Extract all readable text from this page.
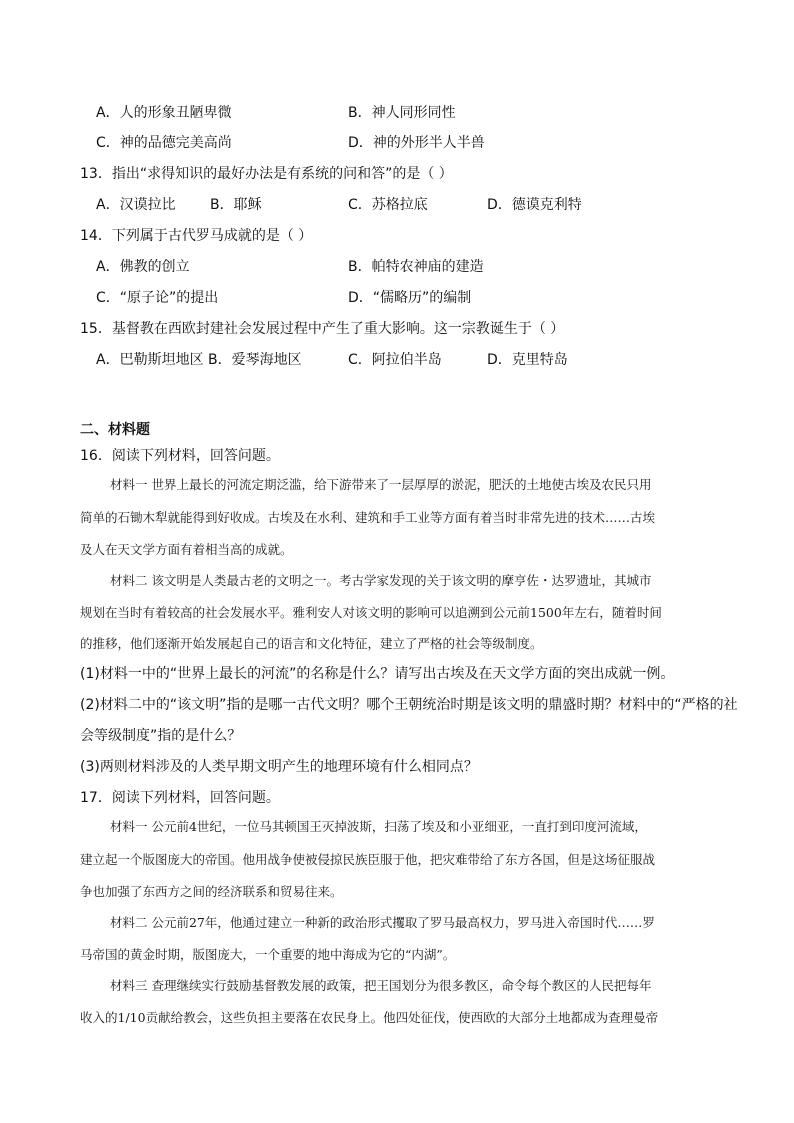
A．人的形象丑陋卑微	B．神人同形同性
C．神的品德完美高尚	D．神的外形半人半兽
13．指出“求得知识的最好办法是有系统的问和答”的是（ ）
A．汉谟拉比 B．耶稣	C．苏格拉底	D．德谟克利特
14．下列属于古代罗马成就的是（ ）
A．佛教的创立	B．帕特农神庙的建造
C．“原子论”的提出	D．“儒略历”的编制
15．基督教在西欧封建社会发展过程中产生了重大影响。这一宗教诞生于（ ）
A．巴勒斯坦地区 B．爱琴海地区	C．阿拉伯半岛	D．克里特岛
二、材料题
16．阅读下列材料，回答问题。
材料一 世界上最长的河流定期泛滥，给下游带来了一层厚厚的淤泥，肥沃的土地使古埃及农民只用
简单的石锄木犁就能得到好收成。古埃及在水利、建筑和手工业等方面有着当时非常先进的技术……古埃
及人在天文学方面有着相当高的成就。
材料二 该文明是人类最古老的文明之一。考古学家发现的关于该文明的摩亨佐・达罗遗址，其城市
规划在当时有着较高的社会发展水平。雅利安人对该文明的影响可以追溯到公元前1500年左右，随着时间
的推移，他们逐渐开始发展起自己的语言和文化特征，建立了严格的社会等级制度。
(1)材料一中的“世界上最长的河流”的名称是什么？请写出古埃及在天文学方面的突出成就一例。
(2)材料二中的“该文明”指的是哪一古代文明？哪个王朝统治时期是该文明的鼎盛时期？材料中的“严格的社
会等级制度”指的是什么？
(3)两则材料涉及的人类早期文明产生的地理环境有什么相同点？
17．阅读下列材料，回答问题。
材料一 公元前4世纪，一位马其顿国王灭掉波斯，扫荡了埃及和小亚细亚，一直打到印度河流域，
建立起一个版图庞大的帝国。他用战争使被侵掠民族臣服于他，把灾难带给了东方各国，但是这场征服战
争也加强了东西方之间的经济联系和贸易往来。
材料二 公元前27年，他通过建立一种新的政治形式攫取了罗马最高权力，罗马进入帝国时代……罗
马帝国的黄金时期，版图庞大，一个重要的地中海成为它的“内湖”。
材料三 查理继续实行鼓励基督教发展的政策，把王国划分为很多教区，命令每个教区的人民把每年
收入的1/10贡献给教会，这些负担主要落在农民身上。他四处征伐，使西欧的大部分土地都成为查理曼帝
